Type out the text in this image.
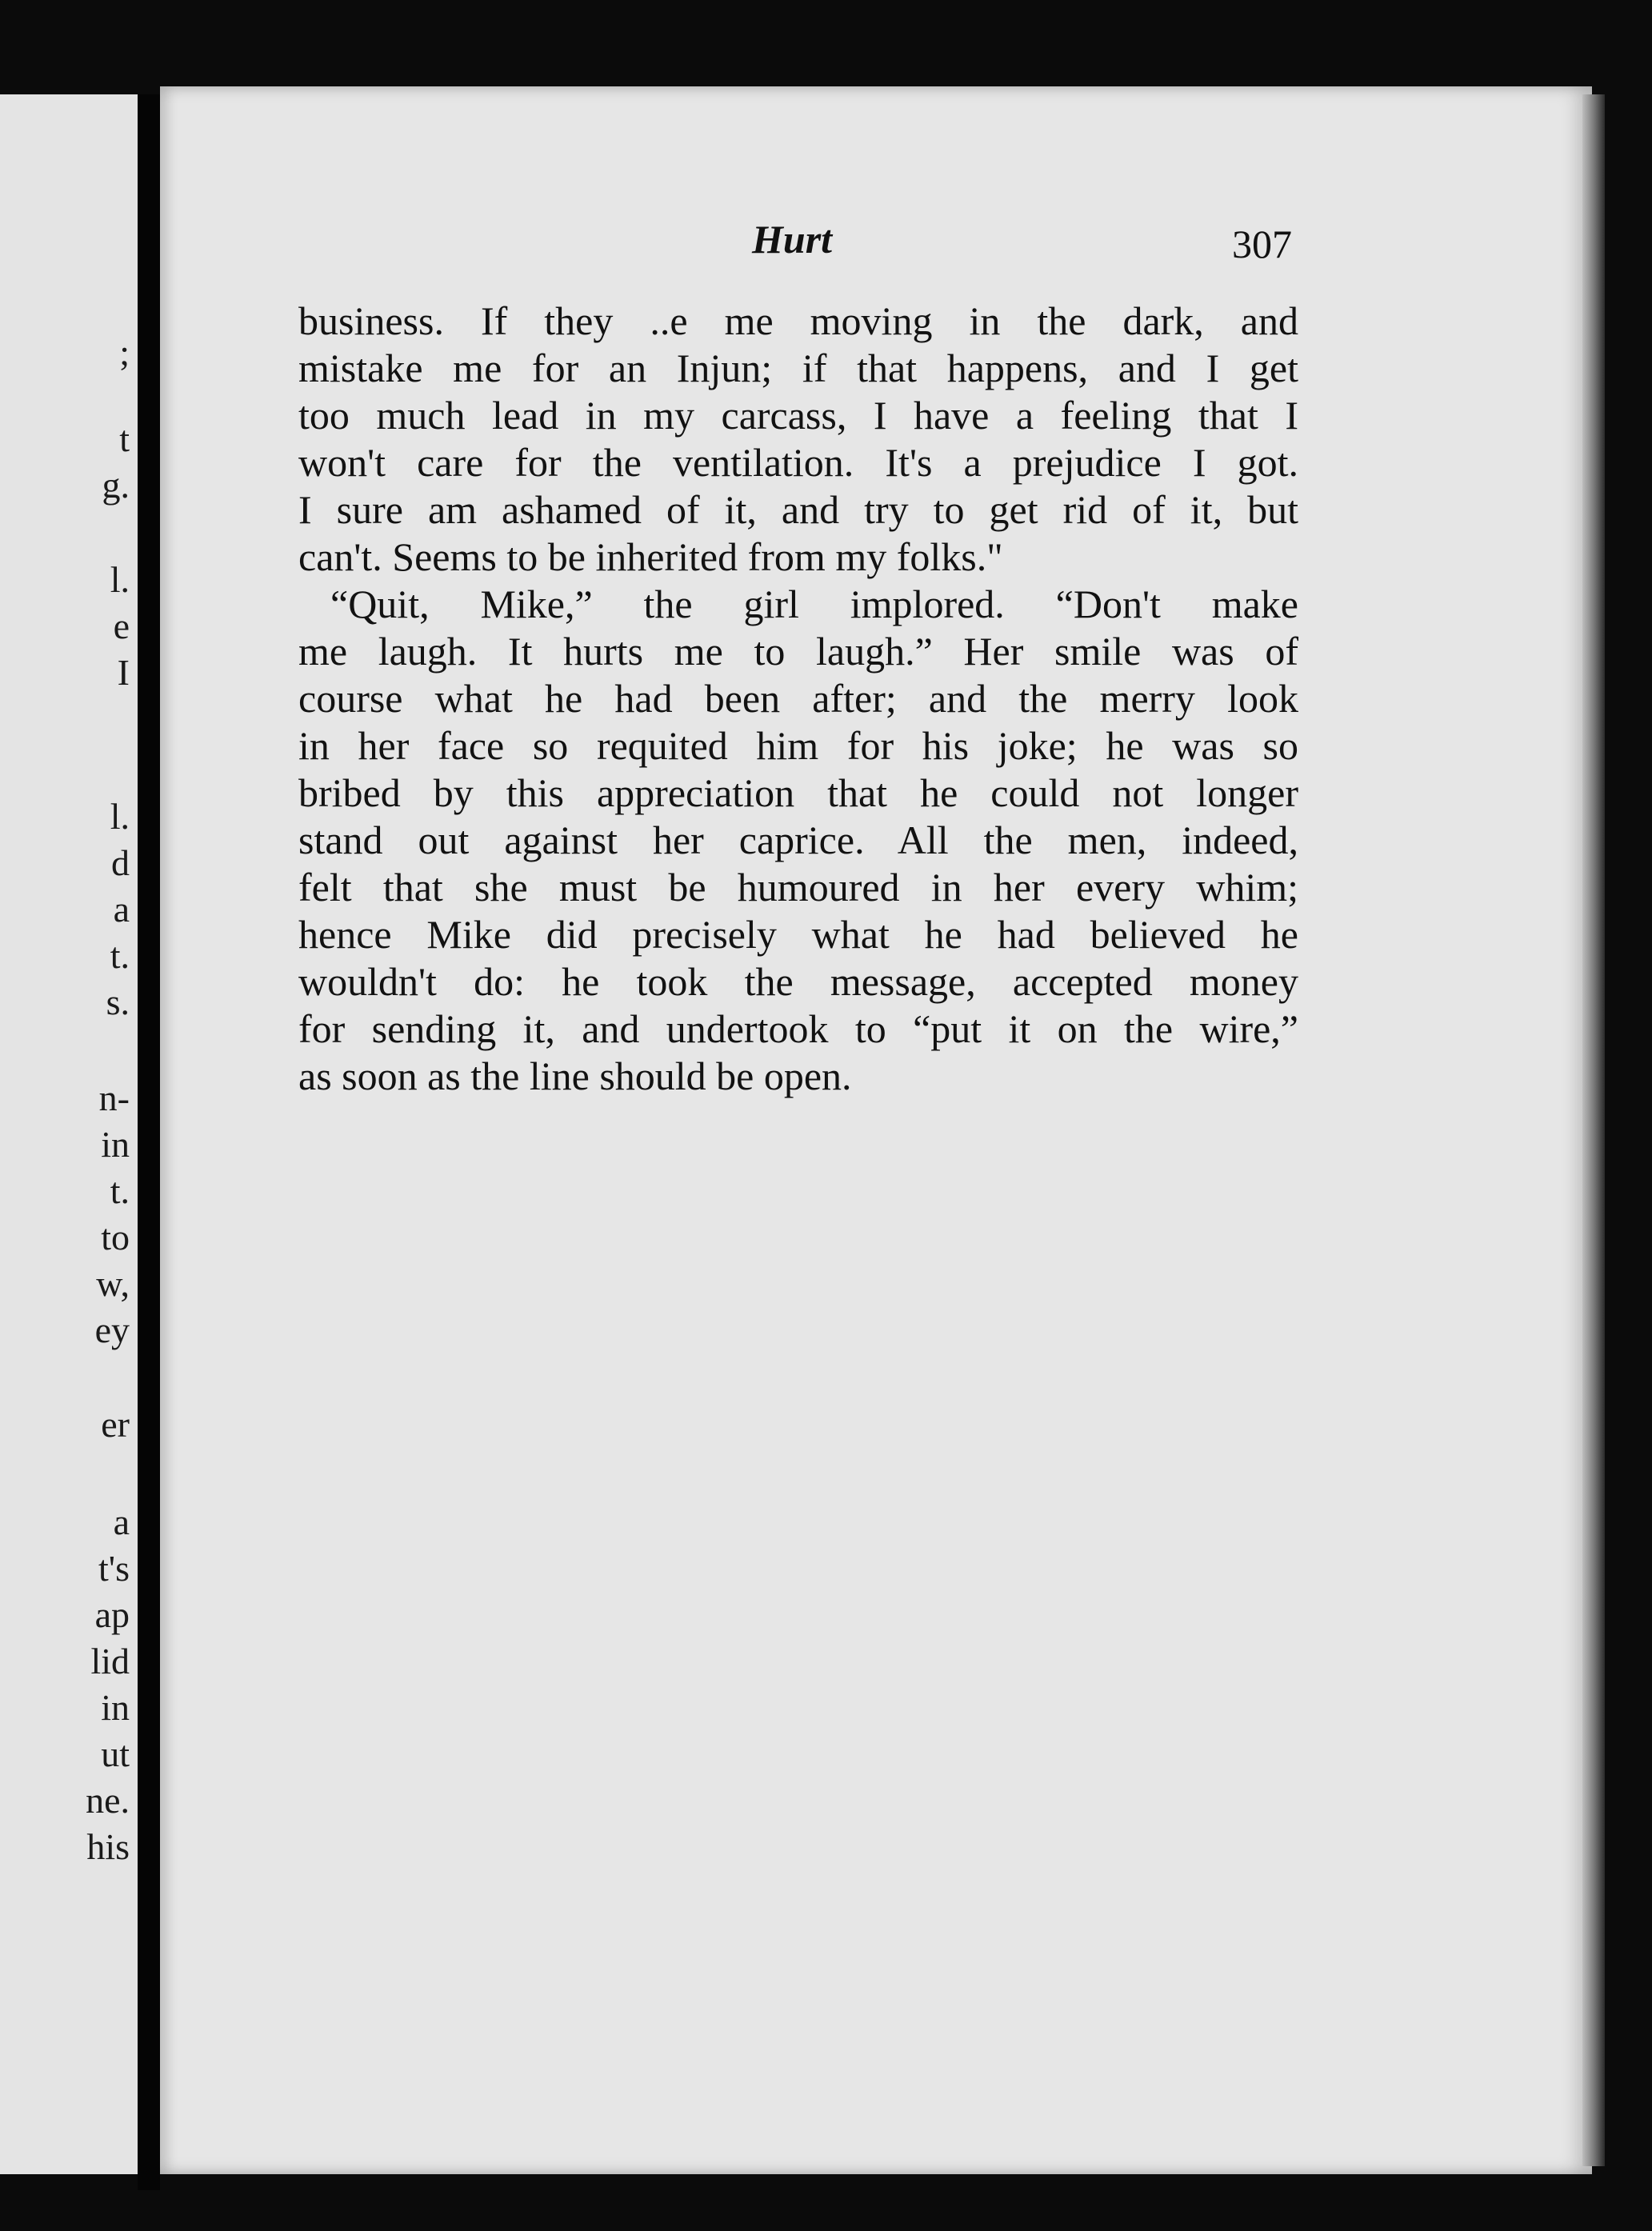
;
t
g.
l.
e
I
l.
d
a
t.
s.
n-
in
t.
to
w,
ey
er
a
t's
ap
lid
in
ut
ne.
his
Hurt	307
business. If they ..e me moving in the dark, and
mistake me for an Injun; if that happens, and I get
too much lead in my carcass, I have a feeling that I
won't care for the ventilation. It's a prejudice I got.
I sure am ashamed of it, and try to get rid of it, but
can't. Seems to be inherited from my folks."
“Quit, Mike,” the girl implored. “Don't make
me laugh. It hurts me to laugh.” Her smile was of
course what he had been after; and the merry look
in her face so requited him for his joke; he was so
bribed by this appreciation that he could not longer
stand out against her caprice. All the men, indeed,
felt that she must be humoured in her every whim;
hence Mike did precisely what he had believed he
wouldn't do: he took the message, accepted money
for sending it, and undertook to “put it on the wire,”
as soon as the line should be open.
